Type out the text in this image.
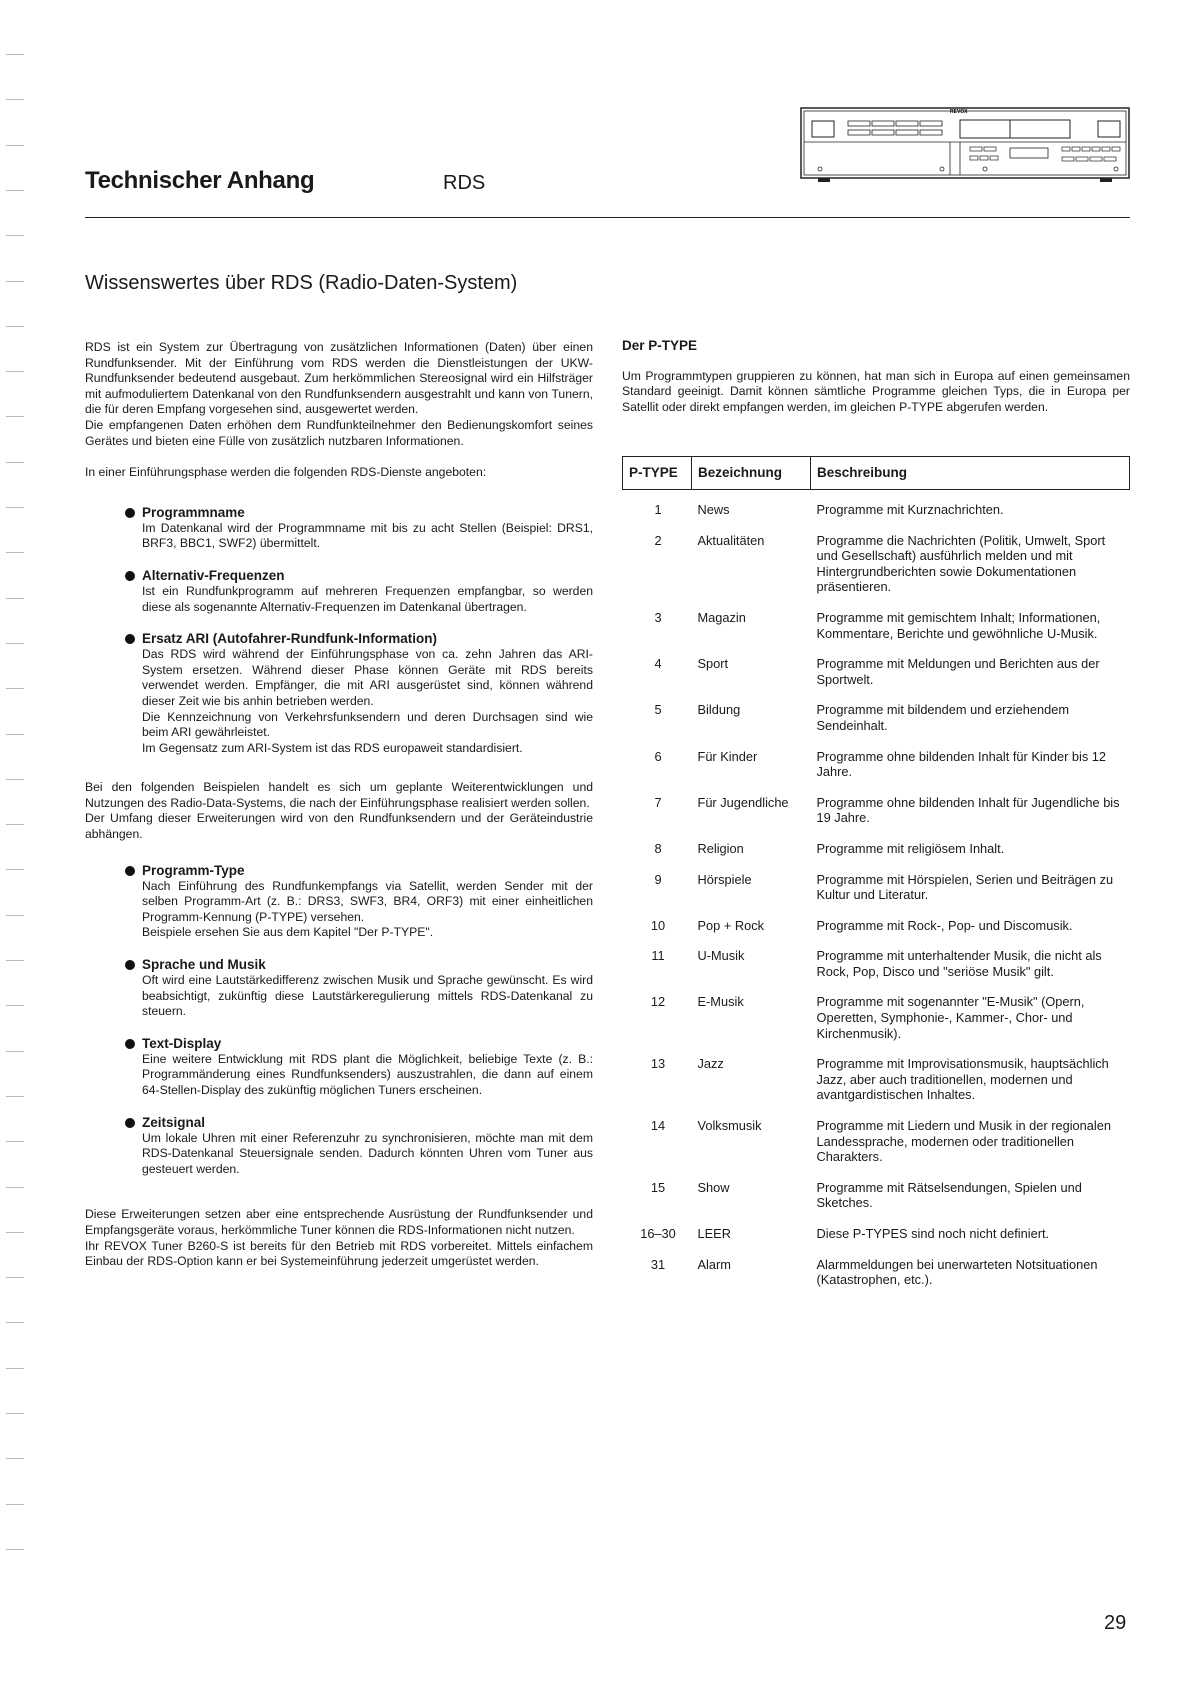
Technischer Anhang	RDS
REVOX
Wissenswertes über RDS (Radio-Daten-System)

RDS ist ein System zur Übertragung von zusätzlichen Informationen (Daten) über einen Rundfunksender. Mit der Einführung vom RDS werden die Dienstleistungen der UKW-Rundfunksender bedeutend ausgebaut. Zum herkömmlichen Stereosignal wird ein Hilfsträger mit aufmoduliertem Datenkanal von den Rundfunksendern ausgestrahlt und kann von Tunern, die für deren Empfang vorgesehen sind, ausgewertet werden.

Die empfangenen Daten erhöhen dem Rundfunkteilnehmer den Bedienungskomfort seines Gerätes und bieten eine Fülle von zusätzlich nutzbaren Informationen.

In einer Einführungsphase werden die folgenden RDS-Dienste angeboten:

Programmname
Im Datenkanal wird der Programmname mit bis zu acht Stellen (Beispiel: DRS1, BRF3, BBC1, SWF2) übermittelt.
Alternativ-Frequenzen
Ist ein Rundfunkprogramm auf mehreren Frequenzen empfangbar, so werden diese als sogenannte Alternativ-Frequenzen im Datenkanal übertragen.
Ersatz ARI (Autofahrer-Rundfunk-Information)
Das RDS wird während der Einführungsphase von ca. zehn Jahren das ARI-System ersetzen. Während dieser Phase können Geräte mit RDS bereits verwendet werden. Empfänger, die mit ARI ausgerüstet sind, können während dieser Zeit wie bis anhin betrieben werden.
Die Kennzeichnung von Verkehrsfunksendern und deren Durchsagen sind wie beim ARI gewährleistet.
Im Gegensatz zum ARI-System ist das RDS europaweit standardisiert.

Bei den folgenden Beispielen handelt es sich um geplante Weiterentwicklungen und Nutzungen des Radio-Data-Systems, die nach der Einführungsphase realisiert werden sollen.

Der Umfang dieser Erweiterungen wird von den Rundfunksendern und der Geräteindustrie abhängen.

Programm-Type
Nach Einführung des Rundfunkempfangs via Satellit, werden Sender mit der selben Programm-Art (z. B.: DRS3, SWF3, BR4, ORF3) mit einer einheitlichen Programm-Kennung (P-TYPE) versehen.
Beispiele ersehen Sie aus dem Kapitel "Der P-TYPE".
Sprache und Musik
Oft wird eine Lautstärkedifferenz zwischen Musik und Sprache gewünscht. Es wird beabsichtigt, zukünftig diese Lautstärkeregulierung mittels RDS-Datenkanal zu steuern.
Text-Display
Eine weitere Entwicklung mit RDS plant die Möglichkeit, beliebige Texte (z. B.: Programmänderung eines Rundfunksenders) auszustrahlen, die dann auf einem 64-Stellen-Display des zukünftig möglichen Tuners erscheinen.
Zeitsignal
Um lokale Uhren mit einer Referenzuhr zu synchronisieren, möchte man mit dem RDS-Datenkanal Steuersignale senden. Dadurch könnten Uhren vom Tuner aus gesteuert werden.

Diese Erweiterungen setzen aber eine entsprechende Ausrüstung der Rundfunksender und Empfangsgeräte voraus, herkömmliche Tuner können die RDS-Informationen nicht nutzen.

Ihr REVOX Tuner B260-S ist bereits für den Betrieb mit RDS vorbereitet. Mittels einfachem Einbau der RDS-Option kann er bei Systemeinführung jederzeit umgerüstet werden.

Der P-TYPE

Um Programmtypen gruppieren zu können, hat man sich in Europa auf einen gemeinsamen Standard geeinigt. Damit können sämtliche Programme gleichen Typs, die in Europa per Satellit oder direkt empfangen werden, im gleichen P-TYPE abgerufen werden.

P-TYPE	Bezeichnung	Beschreibung
1	News	Programme mit Kurznachrichten.
2	Aktualitäten	Programme die Nachrichten (Politik, Umwelt, Sport und Gesellschaft) ausführlich melden und mit Hintergrundberichten sowie Dokumentationen präsentieren.
3	Magazin	Programme mit gemischtem Inhalt; Informationen, Kommentare, Berichte und gewöhnliche U-Musik.
4	Sport	Programme mit Meldungen und Berichten aus der Sportwelt.
5	Bildung	Programme mit bildendem und erziehendem Sendeinhalt.
6	Für Kinder	Programme ohne bildenden Inhalt für Kinder bis 12 Jahre.
7	Für Jugendliche	Programme ohne bildenden Inhalt für Jugendliche bis 19 Jahre.
8	Religion	Programme mit religiösem Inhalt.
9	Hörspiele	Programme mit Hörspielen, Serien und Beiträgen zu Kultur und Literatur.
10	Pop + Rock	Programme mit Rock-, Pop- und Discomusik.
11	U-Musik	Programme mit unterhaltender Musik, die nicht als Rock, Pop, Disco und "seriöse Musik" gilt.
12	E-Musik	Programme mit sogenannter "E-Musik" (Opern, Operetten, Symphonie-, Kammer-, Chor- und Kirchenmusik).
13	Jazz	Programme mit Improvisationsmusik, hauptsächlich Jazz, aber auch traditionellen, modernen und avantgardistischen Inhaltes.
14	Volksmusik	Programme mit Liedern und Musik in der regionalen Landessprache, modernen oder traditionellen Charakters.
15	Show	Programme mit Rätselsendungen, Spielen und Sketches.
16–30	LEER	Diese P-TYPES sind noch nicht definiert.
31	Alarm	Alarmmeldungen bei unerwarteten Notsituationen (Katastrophen, etc.).
29
